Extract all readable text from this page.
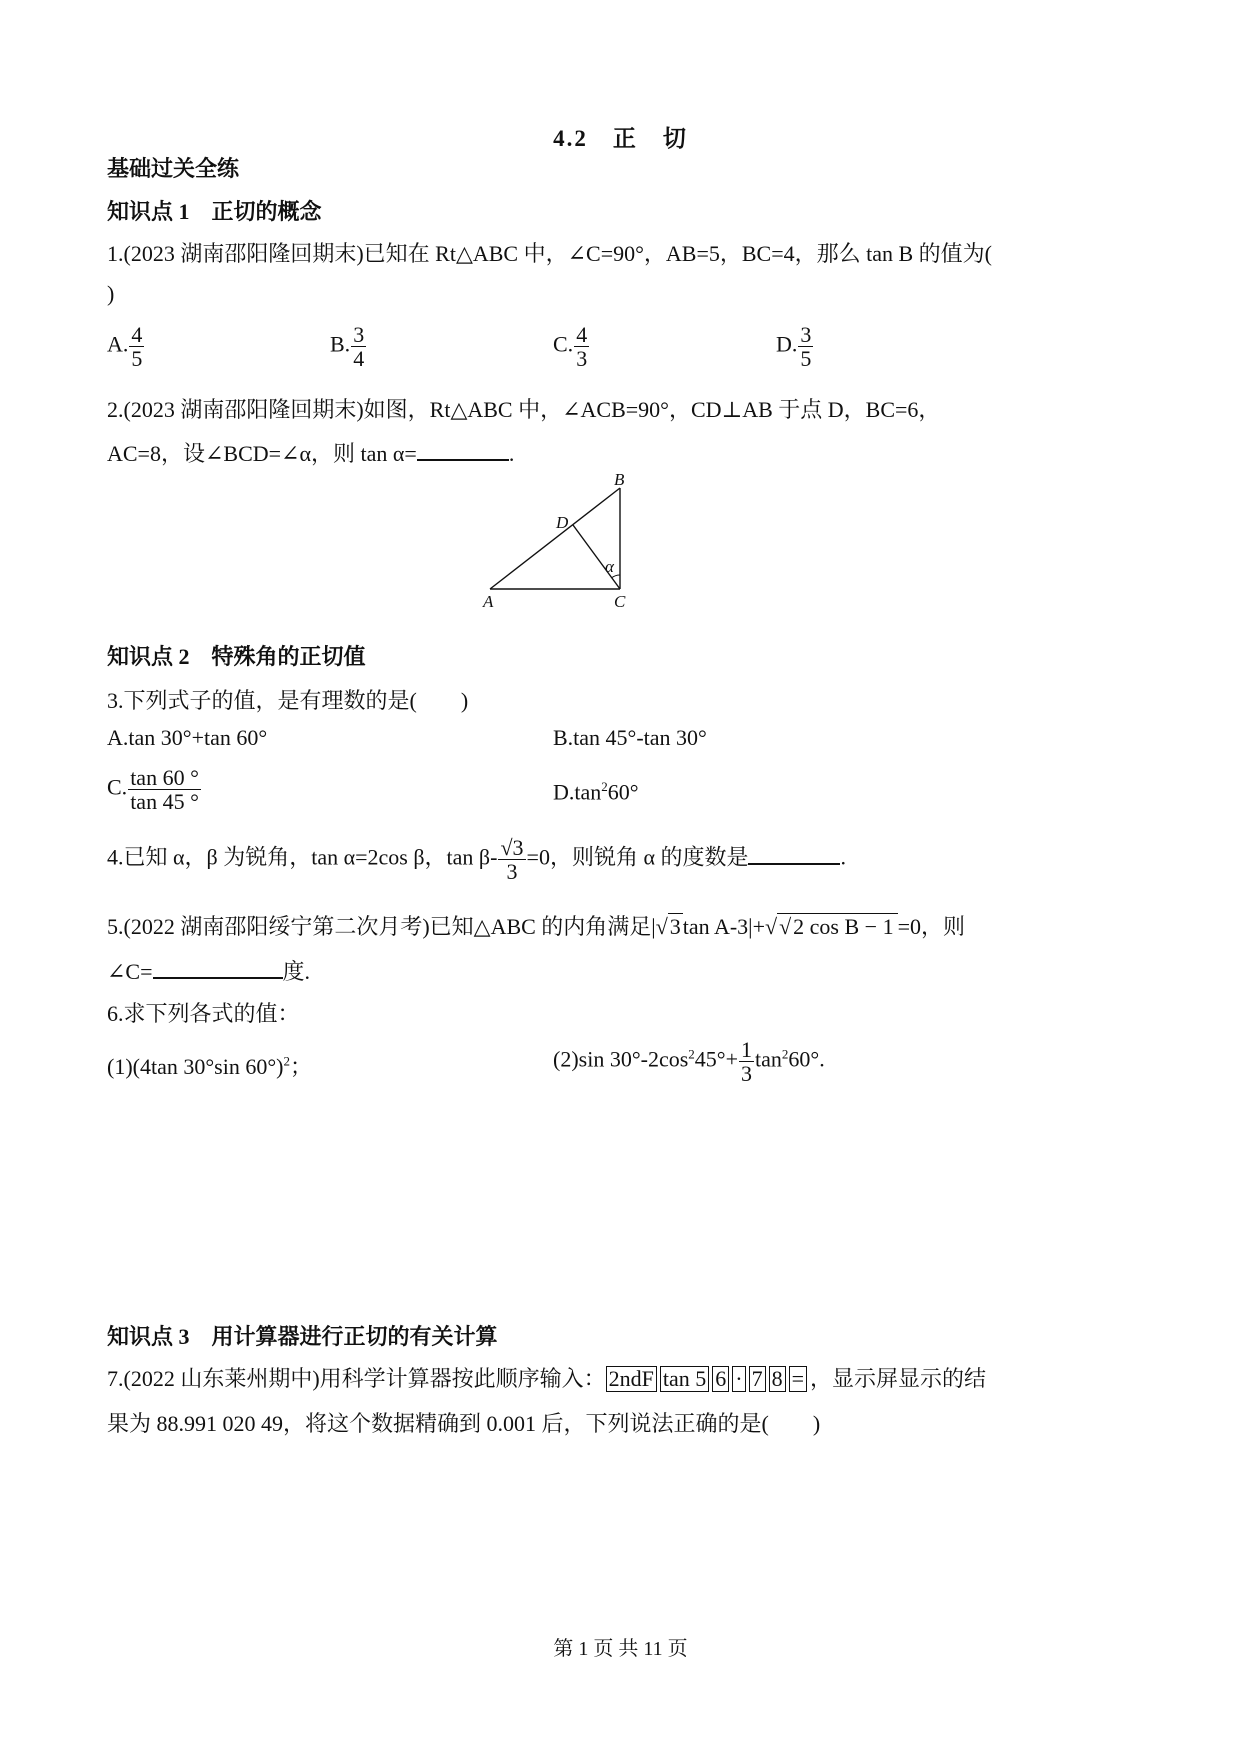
4.2　正　切
基础过关全练
知识点 1　正切的概念
1.(2023 湖南邵阳隆回期末)已知在 Rt△ABC 中，∠C=90°，AB=5，BC=4，那么 tan B 的值为(
)
A. $\frac{4}{5}$	B. $\frac{3}{4}$	C. $\frac{4}{3}$	D. $\frac{3}{5}$
2.(2023 湖南邵阳隆回期末)如图，Rt△ABC 中，∠ACB=90°，CD⊥AB 于点 D，BC=6，
AC=8，设∠BCD=∠α，则 tan α=	.
A
B
C
D
α
知识点 2　特殊角的正切值
3.下列式子的值，是有理数的是(　　)
A.tan 30°+tan 60°	B.tan 45°-tan 30°
C. $\frac{\tan 60 ^\circ}{\tan 45 ^\circ}$	$D.\tan^260^\circ$
4.已知 α，β 为锐角，tan α=2cos β，$\tan \beta- \frac{√3}{3} =0$，则锐角 α 的度数是	.
5.(2022 湖南邵阳绥宁第二次月考)已知△ABC 的内角满足|√3tan A-3|+√√2 cos B − 1 =0，则
∠C=	度.
6.求下列各式的值：
(1)(4tan 30°sin 60°)$^2$；	(2)sin $30^\circ-2\cos^245^\circ+ \frac{1}{3} \tan^260^\circ$.
知识点 3　用计算器进行正切的有关计算
7.(2022 山东莱州期中)用科学计算器按此顺序输入： 2ndF tan 5 6 · 7 8 = ，显示屏显示的结
果为 88.991 020 49，将这个数据精确到 0.001 后，下列说法正确的是(　　)
第 1 页 共 11 页
